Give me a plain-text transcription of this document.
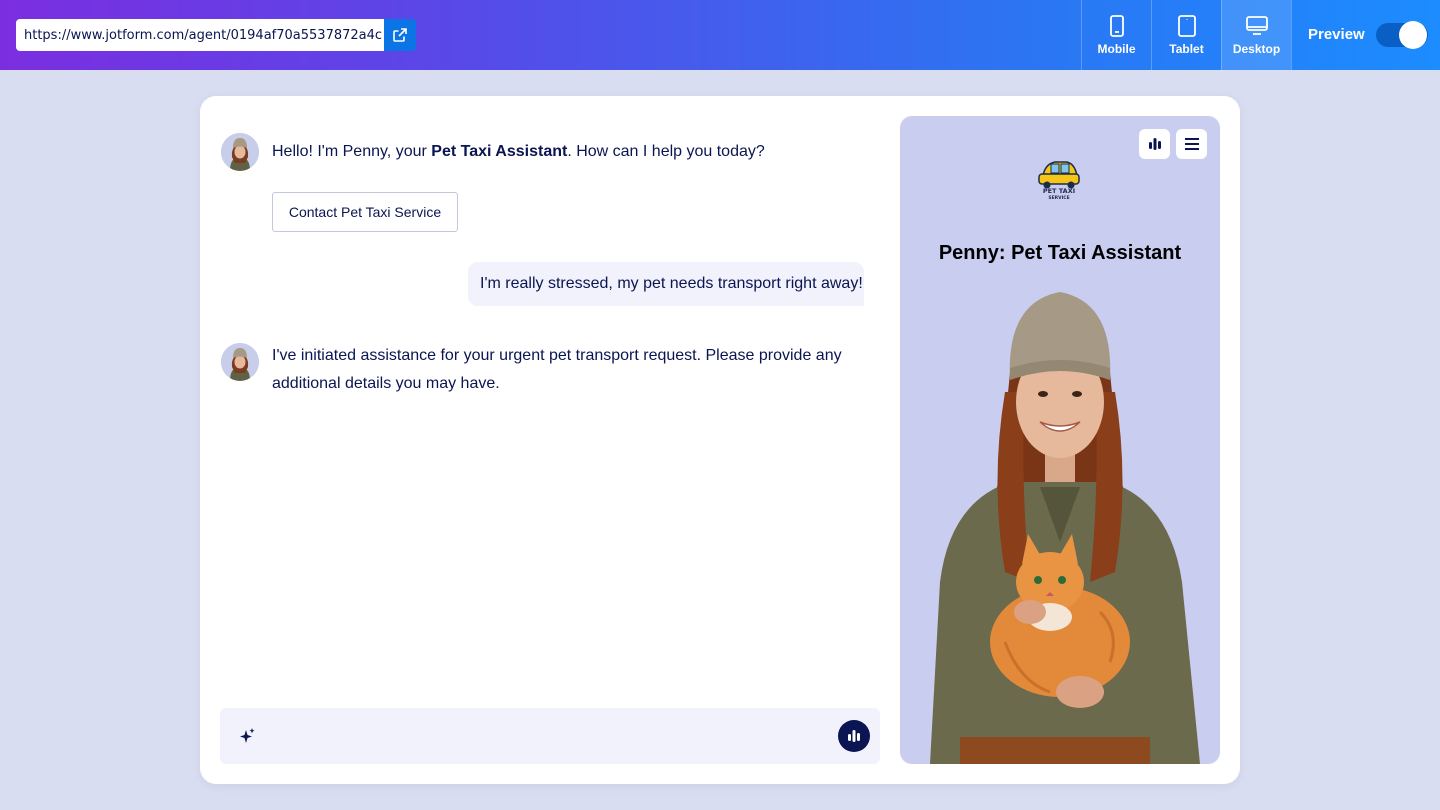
https://www.jotform.com/agent/0194af70a5537872a4c
Mobile	Tablet Desktop
Preview
Hello! I'm Penny, your Pet Taxi Assistant. How can I help you today?
Contact Pet Taxi Service
I'm really stressed, my pet needs transport right away!
I've initiated assistance for your urgent pet transport request. Please provide any additional details you may have.
PET TAXI
SERVICE
Penny: Pet Taxi Assistant
